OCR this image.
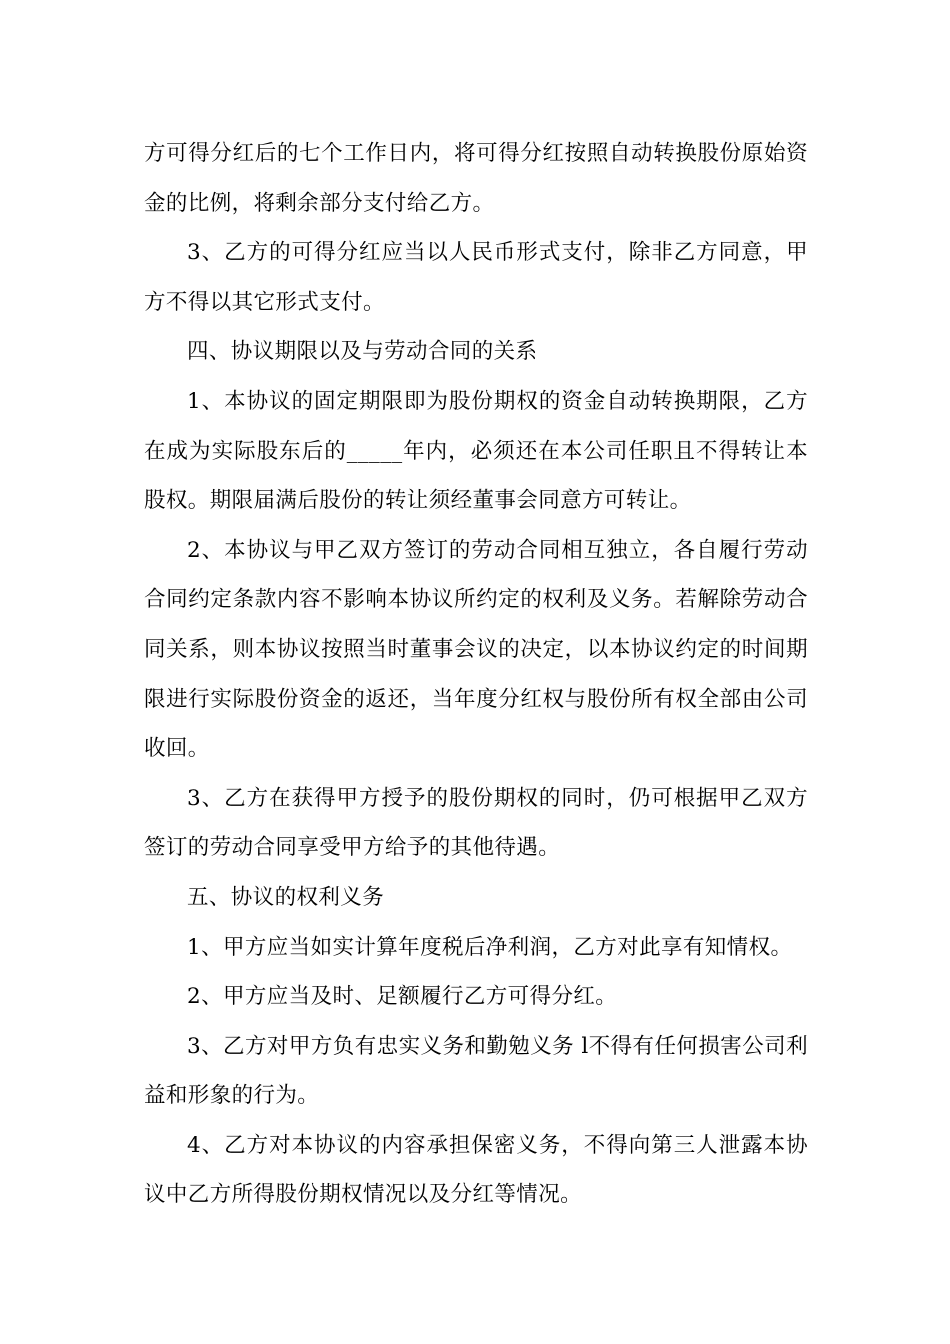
方可得分红后的七个工作日内，将可得分红按照自动转换股份原始资金的比例，将剩余部分支付给乙方。

3、乙方的可得分红应当以人民币形式支付，除非乙方同意，甲方不得以其它形式支付。

四、协议期限以及与劳动合同的关系

1、本协议的固定期限即为股份期权的资金自动转换期限，乙方在成为实际股东后的_____年内，必须还在本公司任职且不得转让本股权。期限届满后股份的转让须经董事会同意方可转让。

2、本协议与甲乙双方签订的劳动合同相互独立，各自履行劳动合同约定条款内容不影响本协议所约定的权利及义务。若解除劳动合同关系，则本协议按照当时董事会议的决定，以本协议约定的时间期限进行实际股份资金的返还，当年度分红权与股份所有权全部由公司收回。

3、乙方在获得甲方授予的股份期权的同时，仍可根据甲乙双方签订的劳动合同享受甲方给予的其他待遇。

五、协议的权利义务

1、甲方应当如实计算年度税后净利润，乙方对此享有知情权。

2、甲方应当及时、足额履行乙方可得分红。

3、乙方对甲方负有忠实义务和勤勉义务 l不得有任何损害公司利益和形象的行为。

4、乙方对本协议的内容承担保密义务，不得向第三人泄露本协议中乙方所得股份期权情况以及分红等情况。
